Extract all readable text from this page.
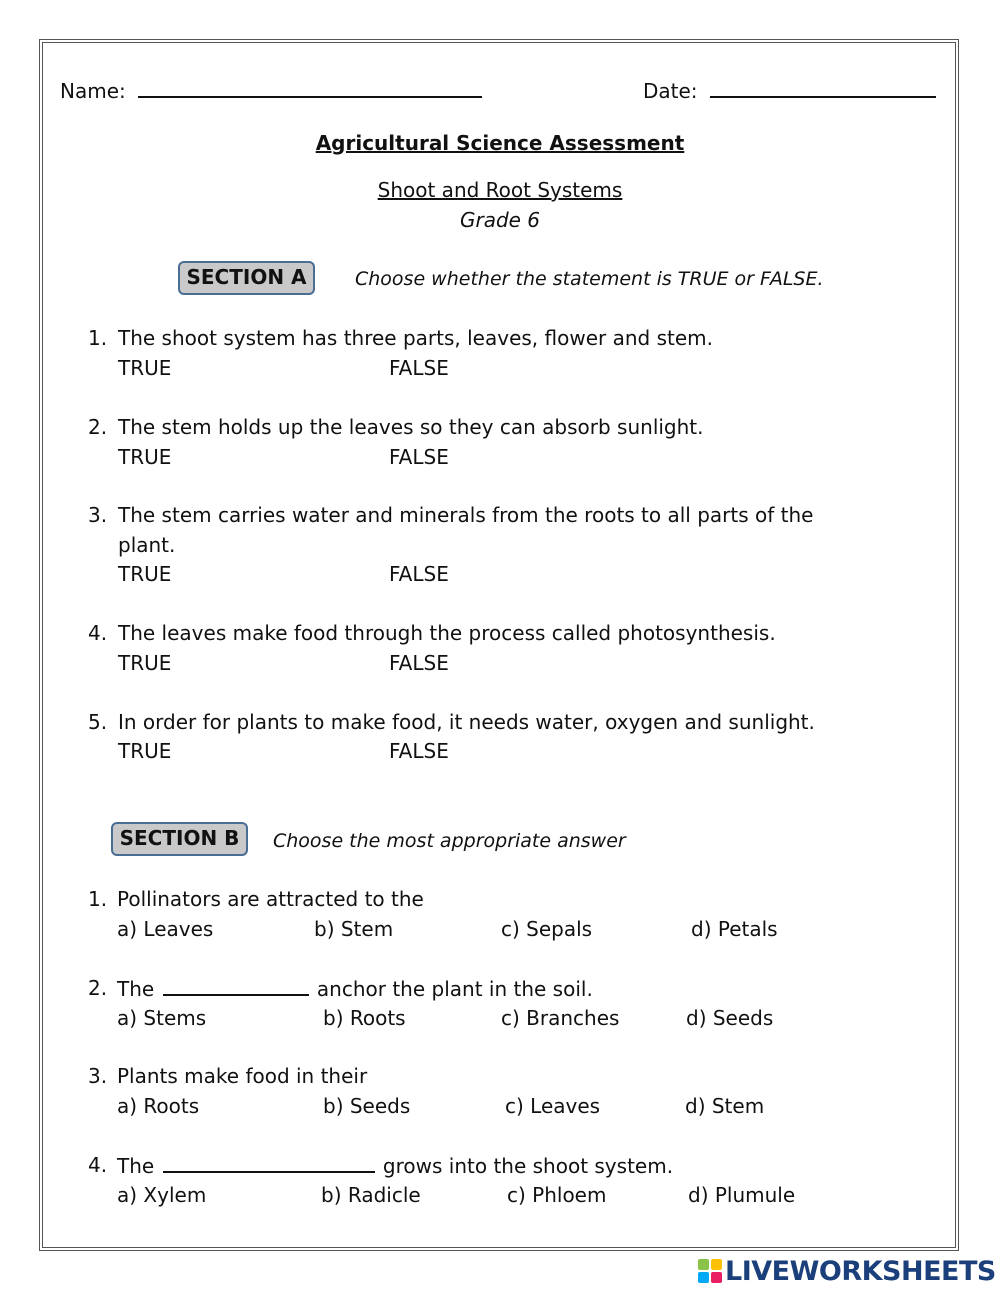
Name:	Date:
Agricultural Science Assessment
Shoot and Root Systems
Grade 6
SECTION A	Choose whether the statement is TRUE or FALSE.
1. The shoot system has three parts, leaves, flower and stem.
TRUE	FALSE
2. The stem holds up the leaves so they can absorb sunlight.
TRUE	FALSE
3. The stem carries water and minerals from the roots to all parts of the
plant.
TRUE	FALSE
4. The leaves make food through the process called photosynthesis.
TRUE	FALSE
5. In order for plants to make food, it needs water, oxygen and sunlight.
TRUE	FALSE
SECTION B	Choose the most appropriate answer
1. Pollinators are attracted to the
a) Leaves	b) Stem	c) Sepals	d) Petals
2. The	anchor the plant in the soil.
a) Stems	b) Roots	c) Branches	d) Seeds
3. Plants make food in their
a) Roots	b) Seeds	c) Leaves	d) Stem
4. The	grows into the shoot system.
a) Xylem	b) Radicle	c) Phloem	d) Plumule
LIVEWORKSHEETS
